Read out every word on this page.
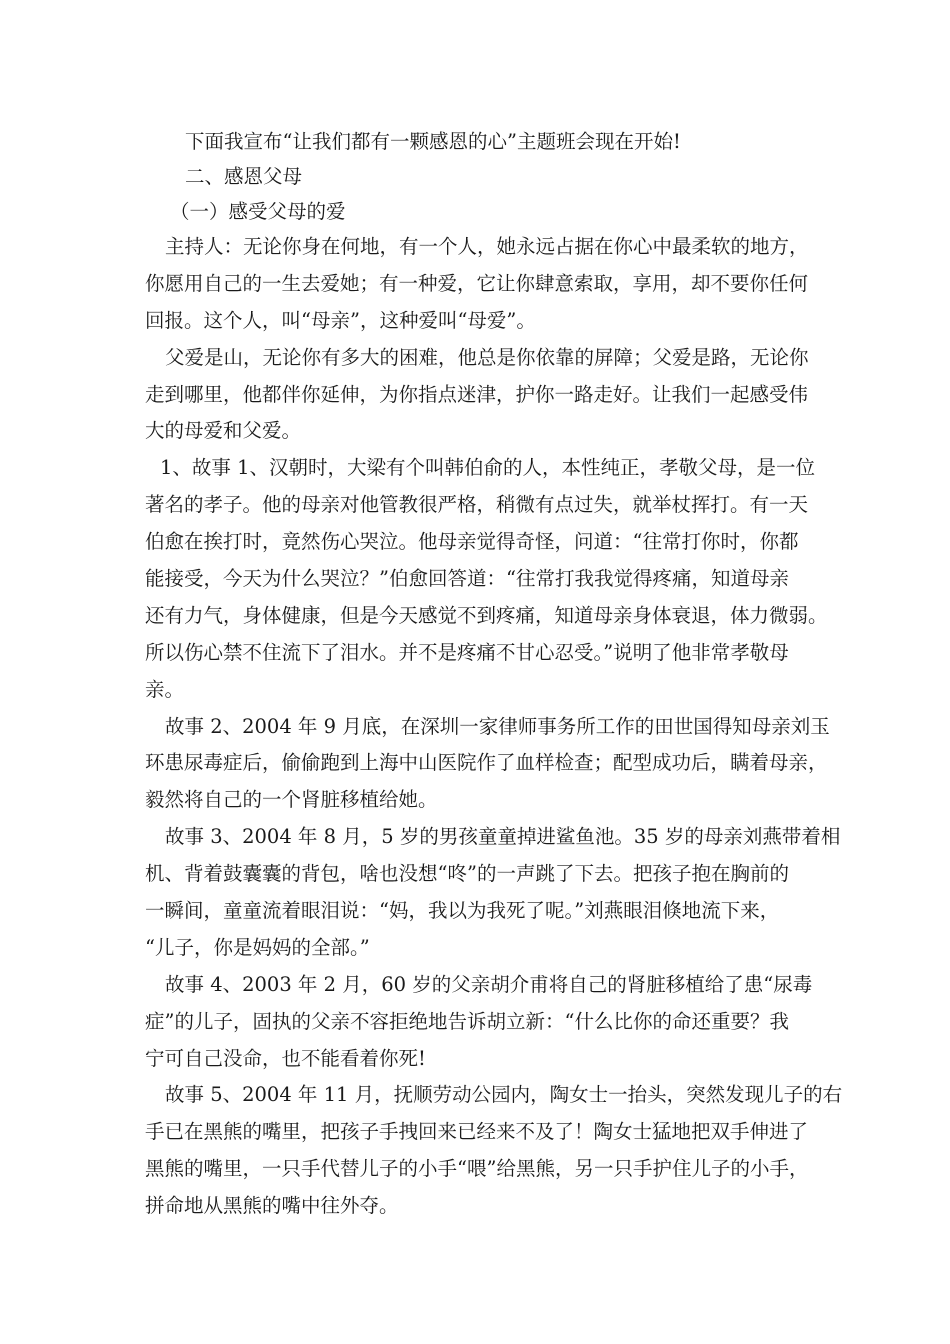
下面我宣布“让我们都有一颗感恩的心”主题班会现在开始!
二、感恩父母
（一）感受父母的爱
主持人：无论你身在何地，有一个人，她永远占据在你心中最柔软的地方，
你愿用自己的一生去爱她；有一种爱，它让你肆意索取，享用，却不要你任何
回报。这个人，叫“母亲”，这种爱叫“母爱”。
父爱是山，无论你有多大的困难，他总是你依靠的屏障；父爱是路，无论你
走到哪里，他都伴你延伸，为你指点迷津，护你一路走好。让我们一起感受伟
大的母爱和父爱。
1、故事 1、汉朝时，大梁有个叫韩伯俞的人，本性纯正，孝敬父母，是一位
著名的孝子。他的母亲对他管教很严格，稍微有点过失，就举杖挥打。有一天
伯愈在挨打时，竟然伤心哭泣。他母亲觉得奇怪，问道：“往常打你时，你都
能接受，今天为什么哭泣？”伯愈回答道：“往常打我我觉得疼痛，知道母亲
还有力气，身体健康，但是今天感觉不到疼痛，知道母亲身体衰退，体力微弱。
所以伤心禁不住流下了泪水。并不是疼痛不甘心忍受。”说明了他非常孝敬母
亲。
故事 2、2004 年 9 月底，在深圳一家律师事务所工作的田世国得知母亲刘玉
环患尿毒症后，偷偷跑到上海中山医院作了血样检查；配型成功后，瞒着母亲，
毅然将自己的一个肾脏移植给她。
故事 3、2004 年 8 月，5 岁的男孩童童掉进鲨鱼池。35 岁的母亲刘燕带着相
机、背着鼓囊囊的背包，啥也没想“咚”的一声跳了下去。把孩子抱在胸前的
一瞬间，童童流着眼泪说：“妈，我以为我死了呢。”刘燕眼泪倏地流下来，
“儿子，你是妈妈的全部。”
故事 4、2003 年 2 月，60 岁的父亲胡介甫将自己的肾脏移植给了患“尿毒
症”的儿子，固执的父亲不容拒绝地告诉胡立新：“什么比你的命还重要？我
宁可自己没命，也不能看着你死!
故事 5、2004 年 11 月，抚顺劳动公园内，陶女士一抬头，突然发现儿子的右
手已在黑熊的嘴里，把孩子手拽回来已经来不及了！陶女士猛地把双手伸进了
黑熊的嘴里，一只手代替儿子的小手“喂”给黑熊，另一只手护住儿子的小手，
拼命地从黑熊的嘴中往外夺。
